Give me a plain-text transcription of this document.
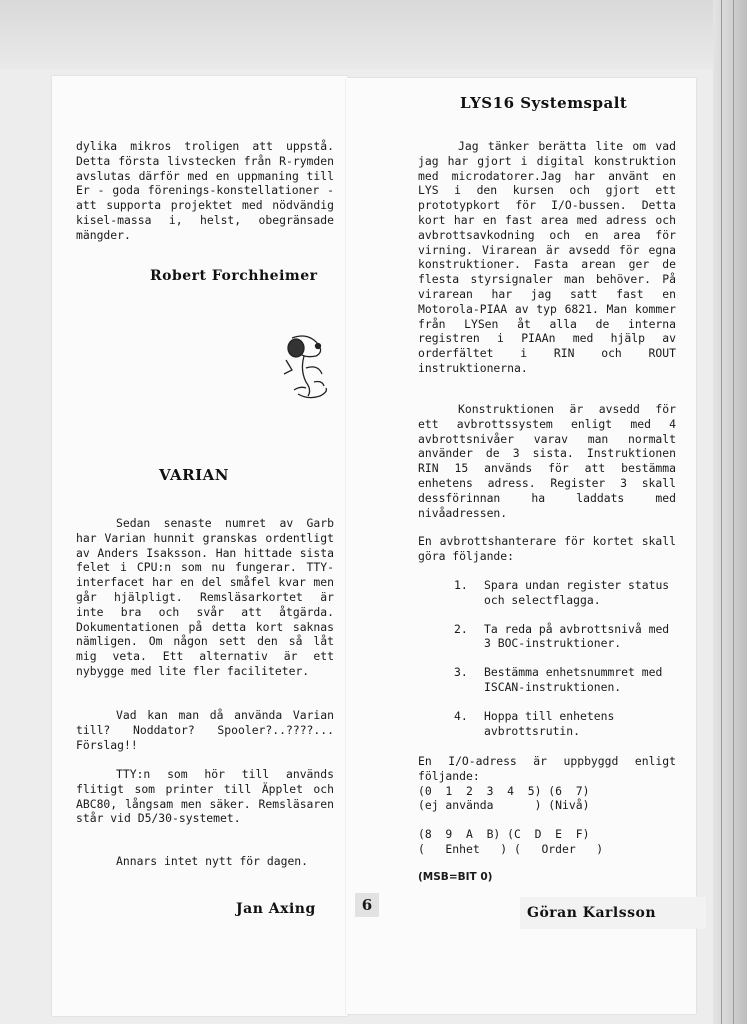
dylika mikros troligen att uppstå. Detta första livstecken från R-rymden avslutas därför med en uppmaning till Er - goda förenings-konstellationer - att supporta projektet med nödvändig kisel-massa i, helst, obegränsade mängder.
Robert Forchheimer
VARIAN
Sedan senaste numret av Garb har Varian hunnit granskas ordentligt av Anders Isaksson. Han hittade sista felet i CPU:n som nu fungerar. TTY-interfacet har en del småfel kvar men går hjälpligt. Remsläsarkortet är inte bra och svår att åtgärda. Dokumentationen på detta kort saknas nämligen. Om någon sett den så låt mig veta. Ett alternativ är ett nybygge med lite fler faciliteter.
Vad kan man då använda Varian till? Noddator? Spooler?..????... Förslag!!
TTY:n som hör till används flitigt som printer till Äpplet och ABC80, långsam men säker. Remsläsaren står vid D5/30-systemet.
Annars intet nytt för dagen.
Jan Axing	6
LYS16 Systemspalt
Jag tänker berätta lite om vad jag har gjort i digital konstruktion med microdatorer.Jag har använt en LYS i den kursen och gjort ett prototypkort för I/O-bussen. Detta kort har en fast area med adress och avbrottsavkodning och en area för virning. Virarean är avsedd för egna konstruktioner. Fasta arean ger de flesta styrsignaler man behöver. På virarean har jag satt fast en Motorola-PIAA av typ 6821. Man kommer från LYSen åt alla de interna registren i PIAAn med hjälp av orderfältet i RIN och ROUT instruktionerna.
Konstruktionen är avsedd för ett avbrottssystem enligt med 4 avbrottsnivåer varav man normalt använder de 3 sista. Instruktionen RIN 15 används för att bestämma enhetens adress. Register 3 skall dessförinnan ha laddats med nivåadressen.
En avbrottshanterare för kortet skall göra följande:
1. Spara undan register status och selectflagga.
2. Ta reda på avbrottsnivå med 3 BOC-instruktioner.
3. Bestämma enhetsnummret med ISCAN-instruktionen.
4. Hoppa till enhetens avbrottsrutin.
En I/O-adress är uppbyggd enligt följande:
(0  1  2  3  4  5) (6  7)
(ej använda      ) (Nivå)
(8  9  A  B) (C  D  E  F)
(   Enhet   ) (   Order   )
(MSB=BIT 0)
Göran Karlsson
